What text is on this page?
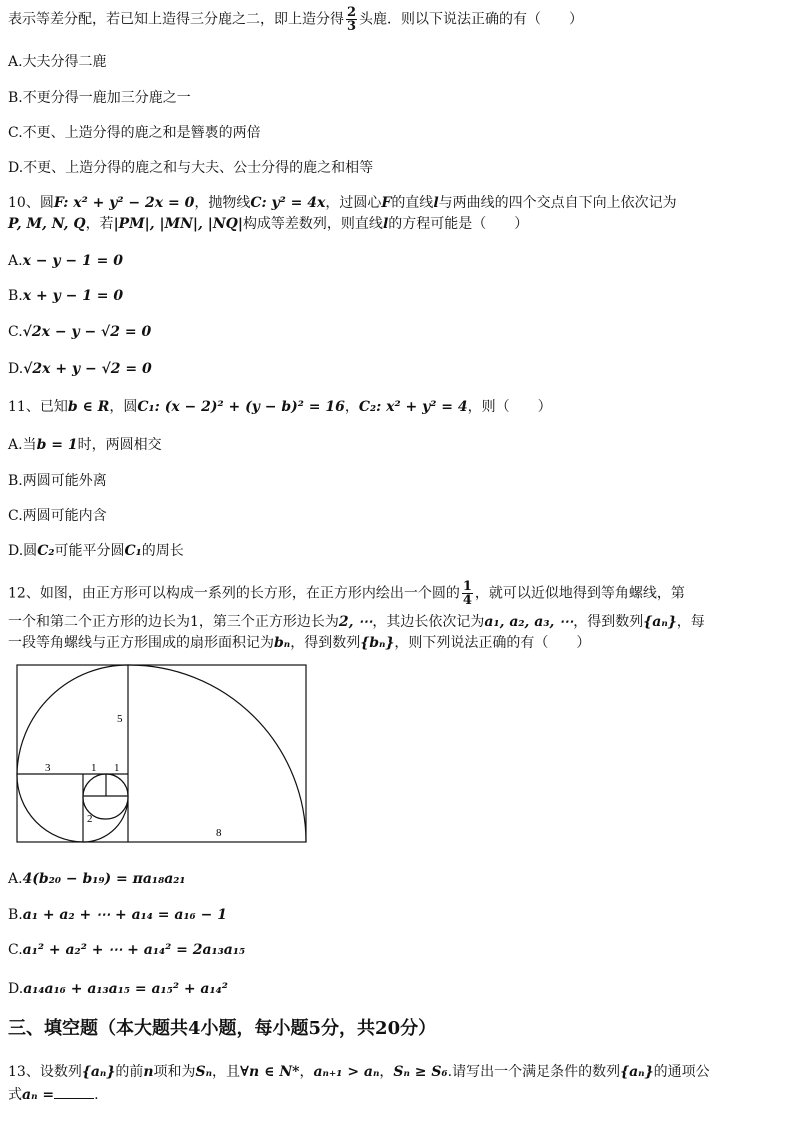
表示等差分配，若已知上造得三分鹿之二，即上造分得 $\frac{2}{3}$ 头鹿．则以下说法正确的有（　　）
A.大夫分得二鹿
B.不更分得一鹿加三分鹿之一
C.不更、上造分得的鹿之和是簪褭的两倍
D.不更、上造分得的鹿之和与大夫、公士分得的鹿之和相等
10、圆F: x² + y² − 2x = 0，抛物线C: y² = 4x，过圆心F的直线l与两曲线的四个交点自下向上依次记为
P, M, N, Q，若|PM|, |MN|, |NQ|构成等差数列，则直线l的方程可能是（　　）
A.x − y − 1 = 0
B.x + y − 1 = 0
C.√2x − y − √2 = 0
D.√2x + y − √2 = 0
11、已知b ∈ R，圆C₁: (x − 2)² + (y − b)² = 16，C₂: x² + y² = 4，则（　　）
A.当b = 1时，两圆相交
B.两圆可能外离
C.两圆可能内含
D.圆C₂可能平分圆C₁的周长
12、如图，由正方形可以构成一系列的长方形，在正方形内绘出一个圆的 $\frac{1}{4}$ ，就可以近似地得到等角螺线，第
一个和第二个正方形的边长为1，第三个正方形边长为2, ⋯，其边长依次记为a₁, a₂, a₃, ⋯，得到数列{aₙ}，每
一段等角螺线与正方形围成的扇形面积记为bₙ，得到数列{bₙ}，则下列说法正确的有（　　）
5
3	1 1
2
8
A.4(b₂₀ − b₁₉) = πa₁₈a₂₁
B.a₁ + a₂ + ⋯ + a₁₄ = a₁₆ − 1
C.a₁² + a₂² + ⋯ + a₁₄² = 2a₁₃a₁₅
D.a₁₄a₁₆ + a₁₃a₁₅ = a₁₅² + a₁₄²
三、填空题（本大题共4小题，每小题5分，共20分）
13、设数列{aₙ}的前n项和为Sₙ，且∀n ∈ N*，aₙ₊₁ > aₙ，Sₙ ≥ S₆.请写出一个满足条件的数列{aₙ}的通项公
式aₙ =	.
